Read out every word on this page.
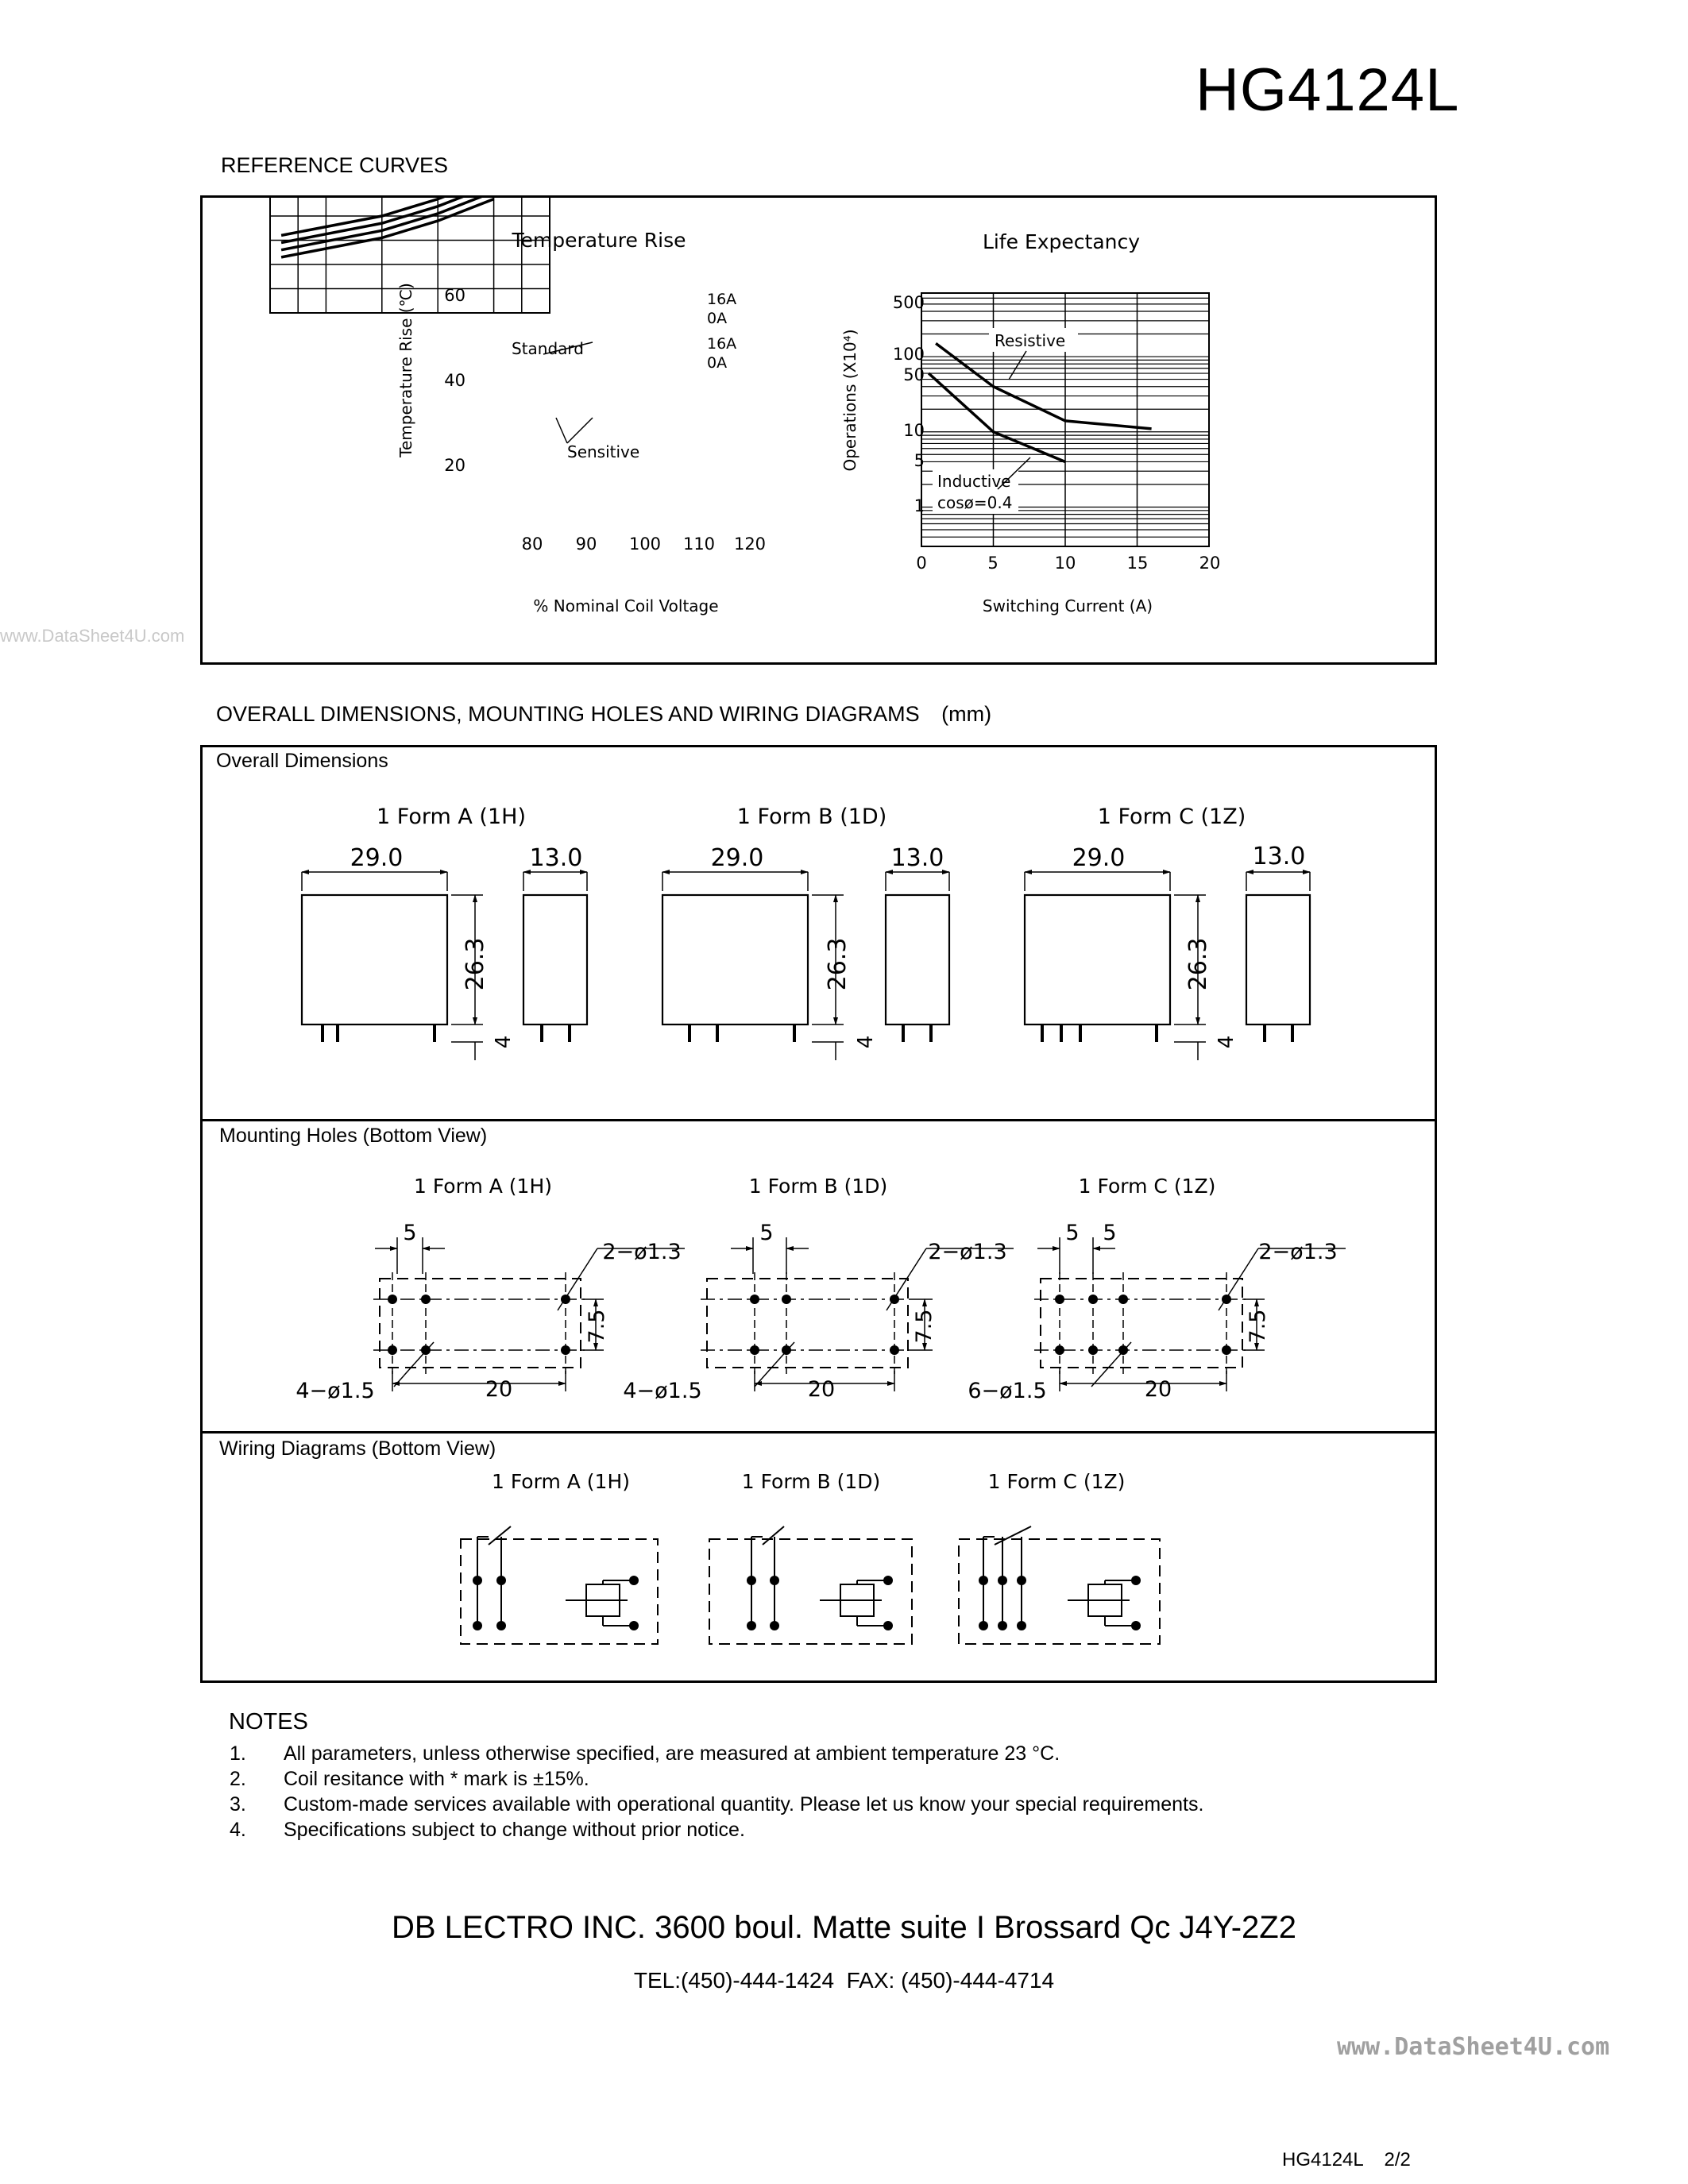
HG4124L
REFERENCE CURVES
Temperature Rise
80 90 100 110 120
20
40
60
% Nominal Coil Voltage
Temperature Rise (℃)	Standard
Sensitive
16A
0A
16A
0A
Life Expectancy
500
100
50
10
5
1
0	5	10	15	20
Switching Current (A)
Operations (X10⁴)	Resistive
Inductive
cosø=0.4
OVERALL DIMENSIONS, MOUNTING HOLES AND WIRING DIAGRAMS (mm)
Overall Dimensions
Mounting Holes (Bottom View)
Wiring Diagrams (Bottom View)
1 Form A (1H)	1 Form B (1D)	1 Form C (1Z)
29.0	13.0
26.3
4
29.0	13.0
26.3
4
29.0	13.0
26.3
4
1 Form A (1H)	1 Form B (1D)	1 Form C (1Z)
5
2−ø1.3
7.5
4−ø1.5	20
5
2−ø1.3
7.5
4−ø1.5	20
5 5
2−ø1.3
7.5
6−ø1.5	20
1 Form A (1H)	1 Form B (1D)	1 Form C (1Z)
NOTES
1. All parameters, unless otherwise specified, are measured at ambient temperature 23 °C.
2. Coil resitance with * mark is ±15%.
3. Custom-made services available with operational quantity. Please let us know your special requirements.
4. Specifications subject to change without prior notice.
DB LECTRO INC. 3600 boul. Matte suite I Brossard Qc J4Y-2Z2
TEL:(450)-444-1424  FAX: (450)-444-4714
www.DataSheet4U.com
www.DataSheet4U.com
HG4124L    2/2
